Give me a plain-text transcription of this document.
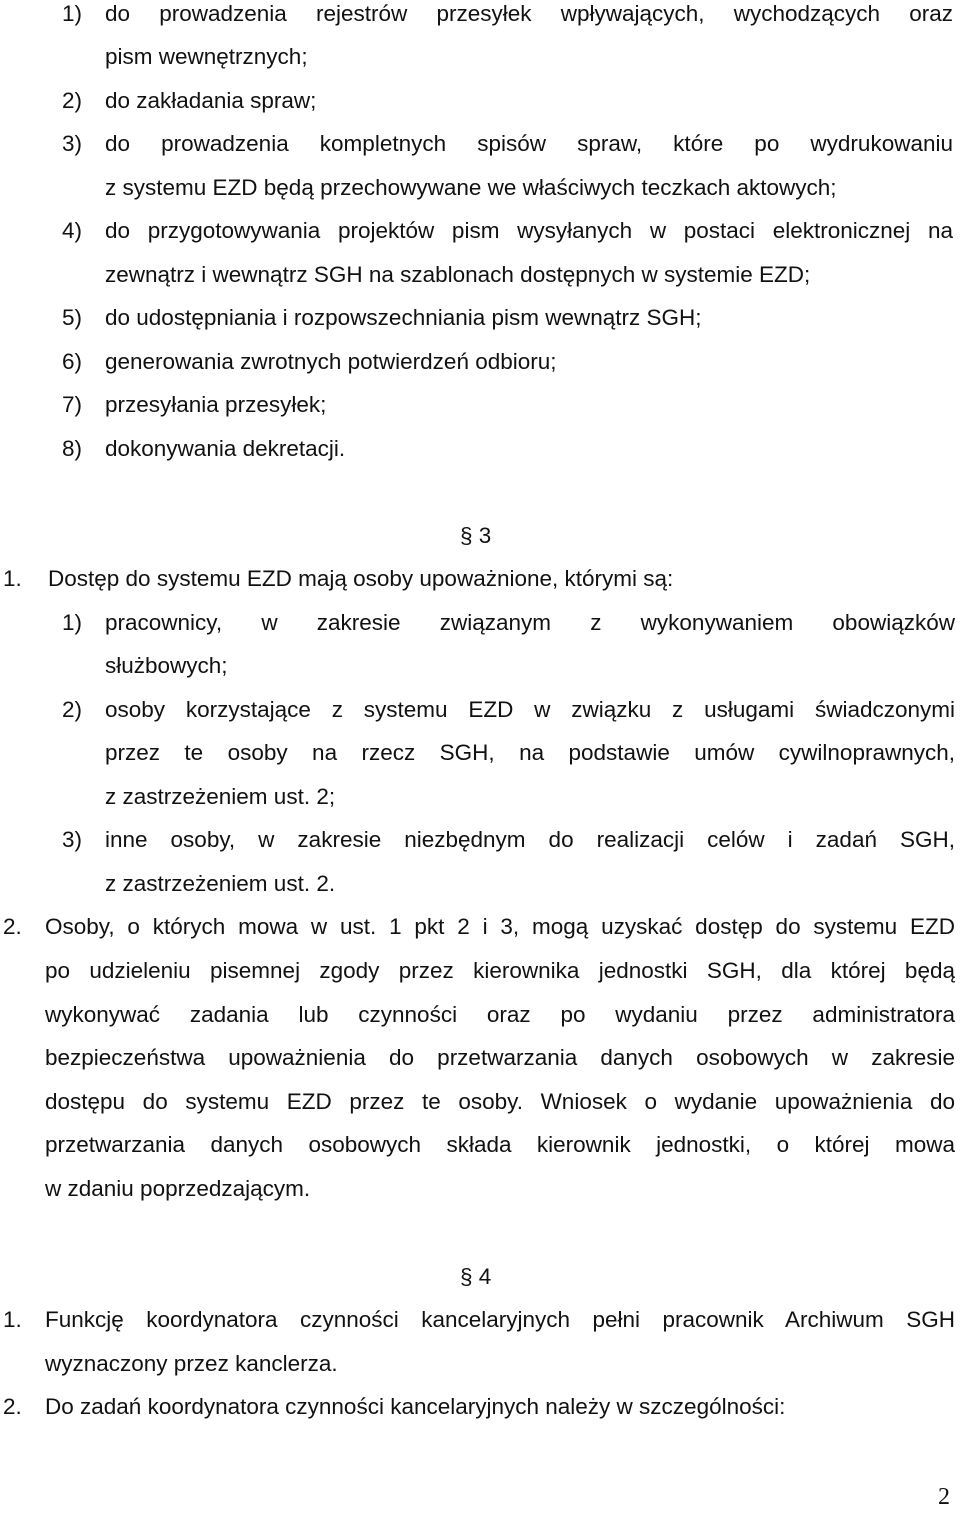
1) do prowadzenia rejestrów przesyłek wpływających, wychodzących oraz
pism wewnętrznych;
2) do zakładania spraw;
3) do prowadzenia kompletnych spisów spraw, które po wydrukowaniu
z systemu EZD będą przechowywane we właściwych teczkach aktowych;
4) do przygotowywania projektów pism wysyłanych w postaci elektronicznej na
zewnątrz i wewnątrz SGH na szablonach dostępnych w systemie EZD;
5) do udostępniania i rozpowszechniania pism wewnątrz SGH;
6) generowania zwrotnych potwierdzeń odbioru;
7) przesyłania przesyłek;
8) dokonywania dekretacji.
§ 3
1. Dostęp do systemu EZD mają osoby upoważnione, którymi są:
1) pracownicy, w zakresie związanym z wykonywaniem obowiązków
służbowych;
2) osoby korzystające z systemu EZD w związku z usługami świadczonymi
przez te osoby na rzecz SGH, na podstawie umów cywilnoprawnych,
z zastrzeżeniem ust. 2;
3) inne osoby, w zakresie niezbędnym do realizacji celów i zadań SGH,
z zastrzeżeniem ust. 2.
2. Osoby, o których mowa w ust. 1 pkt 2 i 3, mogą uzyskać dostęp do systemu EZD
po udzieleniu pisemnej zgody przez kierownika jednostki SGH, dla której będą
wykonywać zadania lub czynności oraz po wydaniu przez administratora
bezpieczeństwa upoważnienia do przetwarzania danych osobowych w zakresie
dostępu do systemu EZD przez te osoby. Wniosek o wydanie upoważnienia do
przetwarzania danych osobowych składa kierownik jednostki, o której mowa
w zdaniu poprzedzającym.
§ 4
1. Funkcję koordynatora czynności kancelaryjnych pełni pracownik Archiwum SGH
wyznaczony przez kanclerza.
2. Do zadań koordynatora czynności kancelaryjnych należy w szczególności:
2
